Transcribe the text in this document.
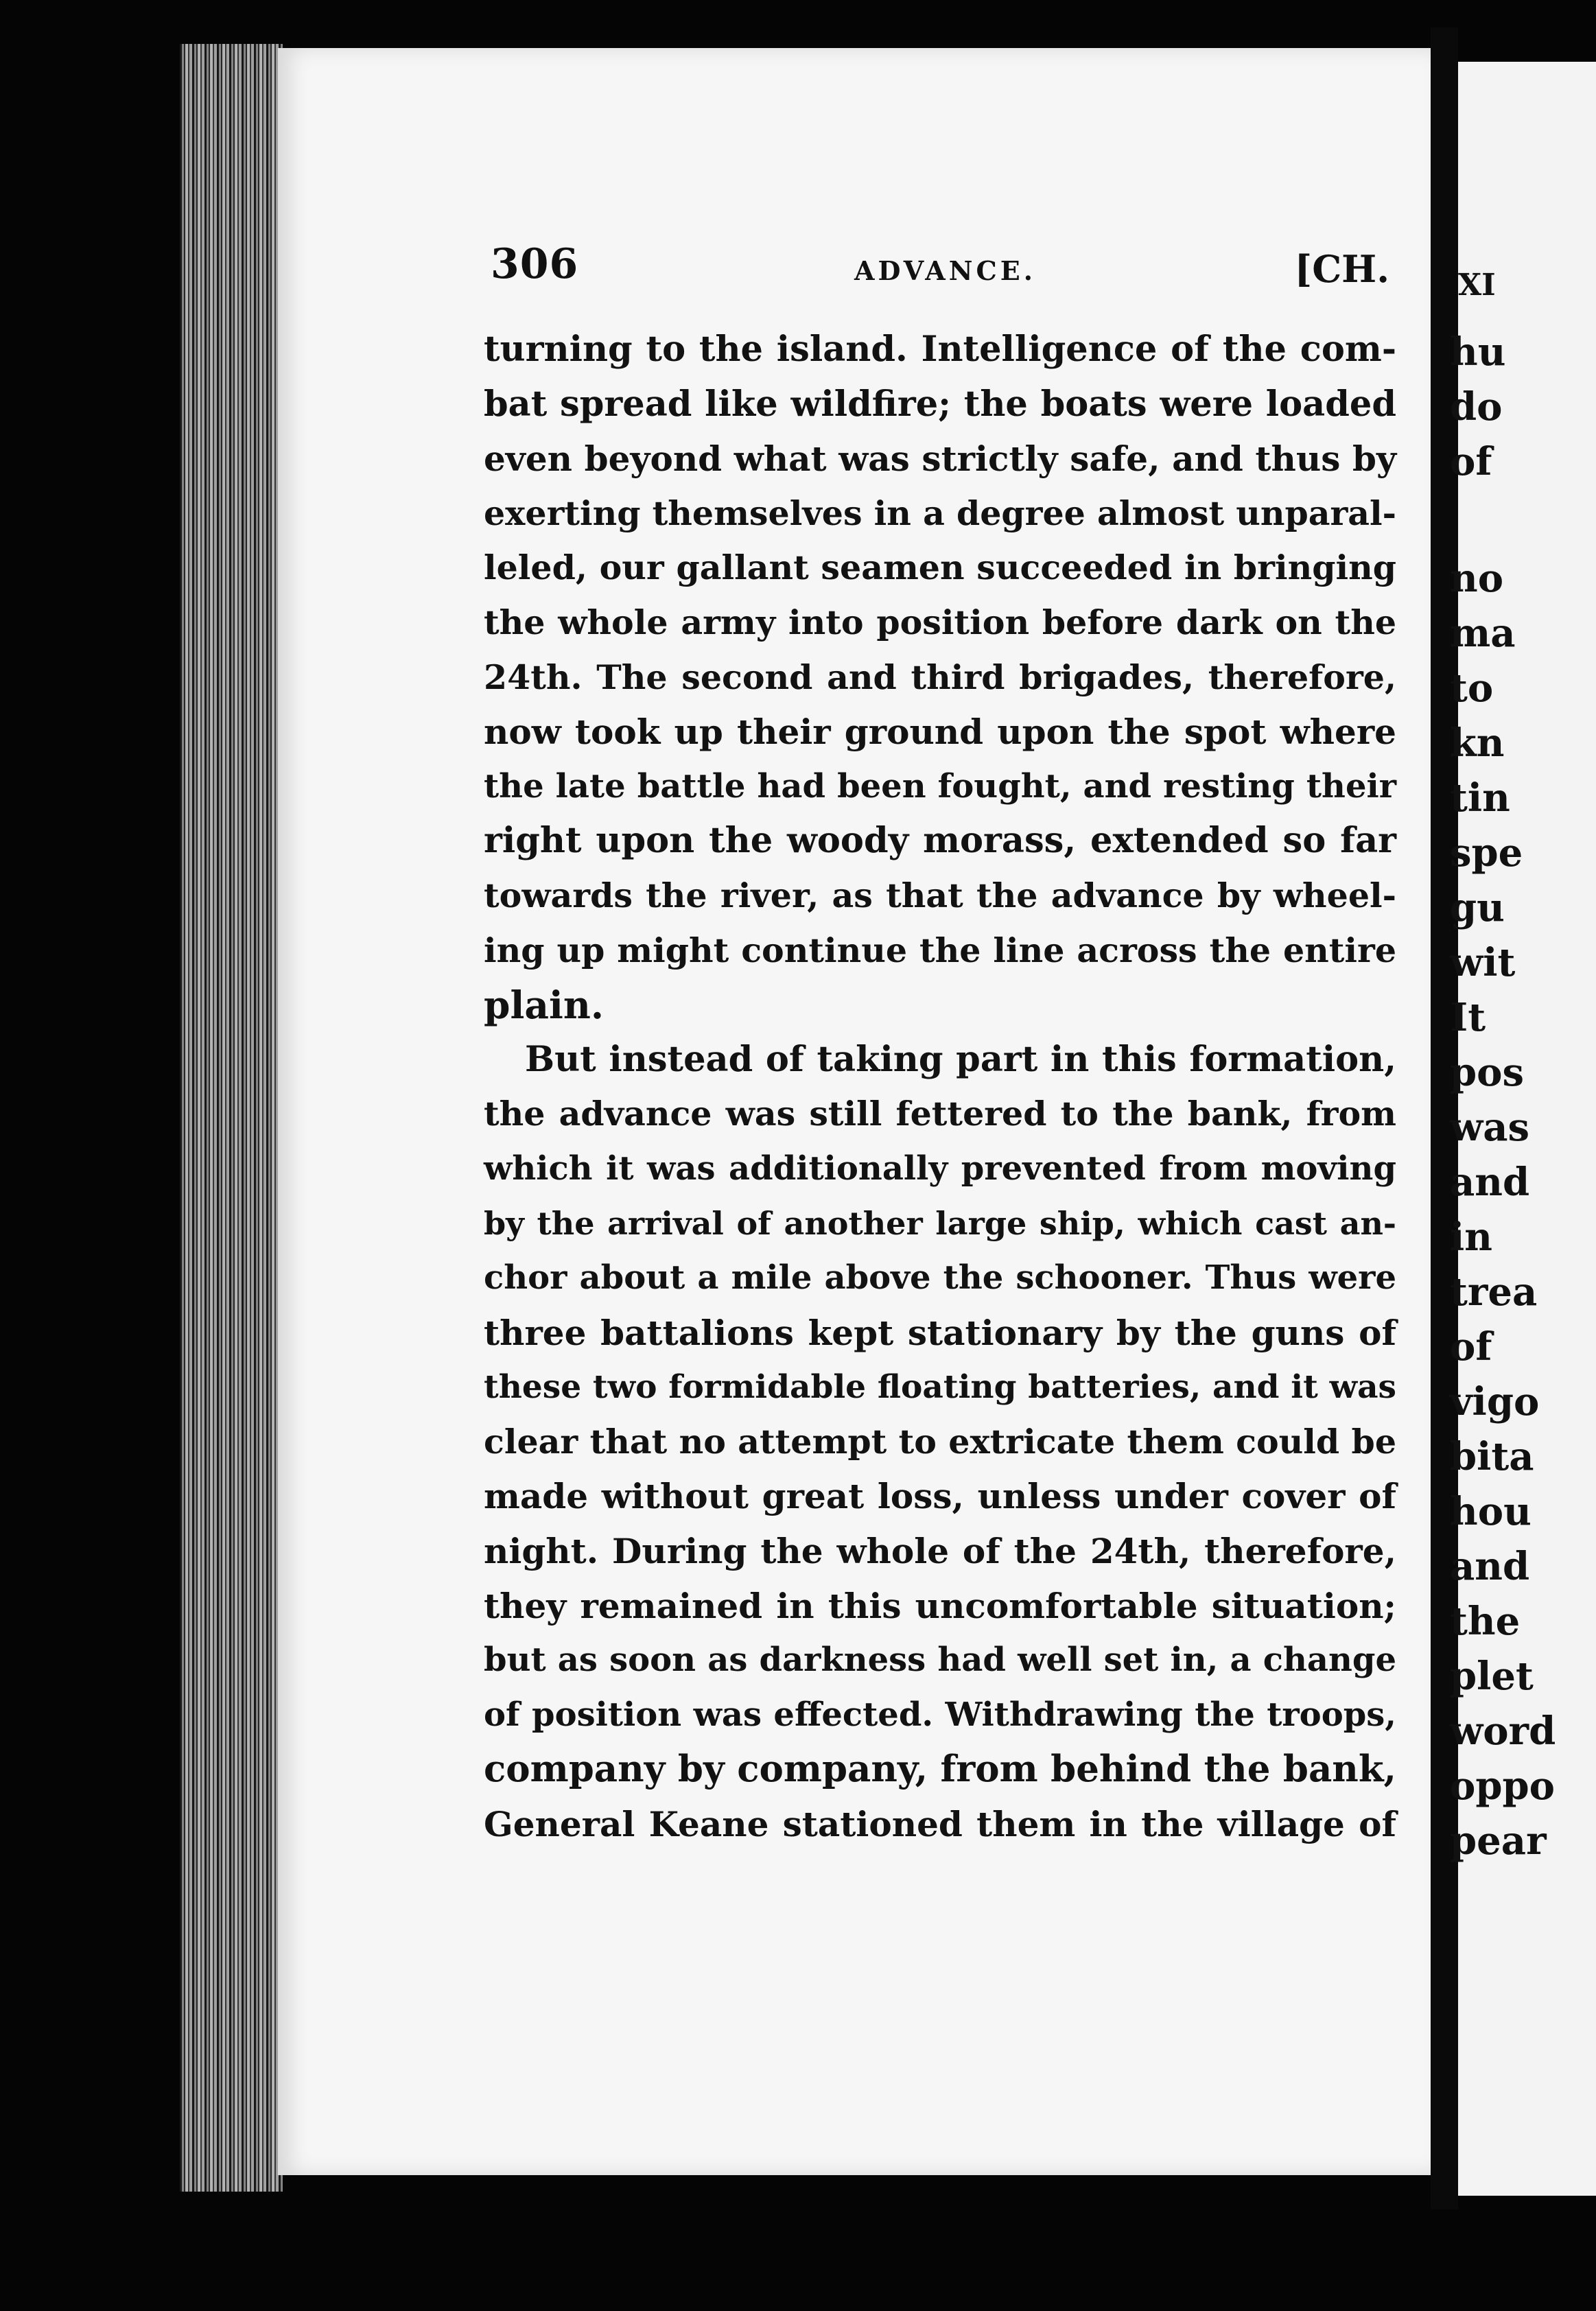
XI
hu
do
of
no
ma
to
kn
tin
spe
gu
wit
It
pos
was
and
in
trea
of
vigo
bita
hou
and
the
plet
word
oppo
pear
306	ADVANCE.	[CH.

turning to the island. Intelligence of the com-
bat spread like wildfire; the boats were loaded
even beyond what was strictly safe, and thus by
exerting themselves in a degree almost unparal-
leled, our gallant seamen succeeded in bringing
the whole army into position before dark on the
24th. The second and third brigades, therefore,
now took up their ground upon the spot where
the late battle had been fought, and resting their
right upon the woody morass, extended so far
towards the river, as that the advance by wheel-
ing up might continue the line across the entire
plain.

But instead of taking part in this formation,
the advance was still fettered to the bank, from
which it was additionally prevented from moving
by the arrival of another large ship, which cast an-
chor about a mile above the schooner. Thus were
three battalions kept stationary by the guns of
these two formidable floating batteries, and it was
clear that no attempt to extricate them could be
made without great loss, unless under cover of
night. During the whole of the 24th, therefore,
they remained in this uncomfortable situation;
but as soon as darkness had well set in, a change
of position was effected. Withdrawing the troops,
company by company, from behind the bank,
General Keane stationed them in the village of
